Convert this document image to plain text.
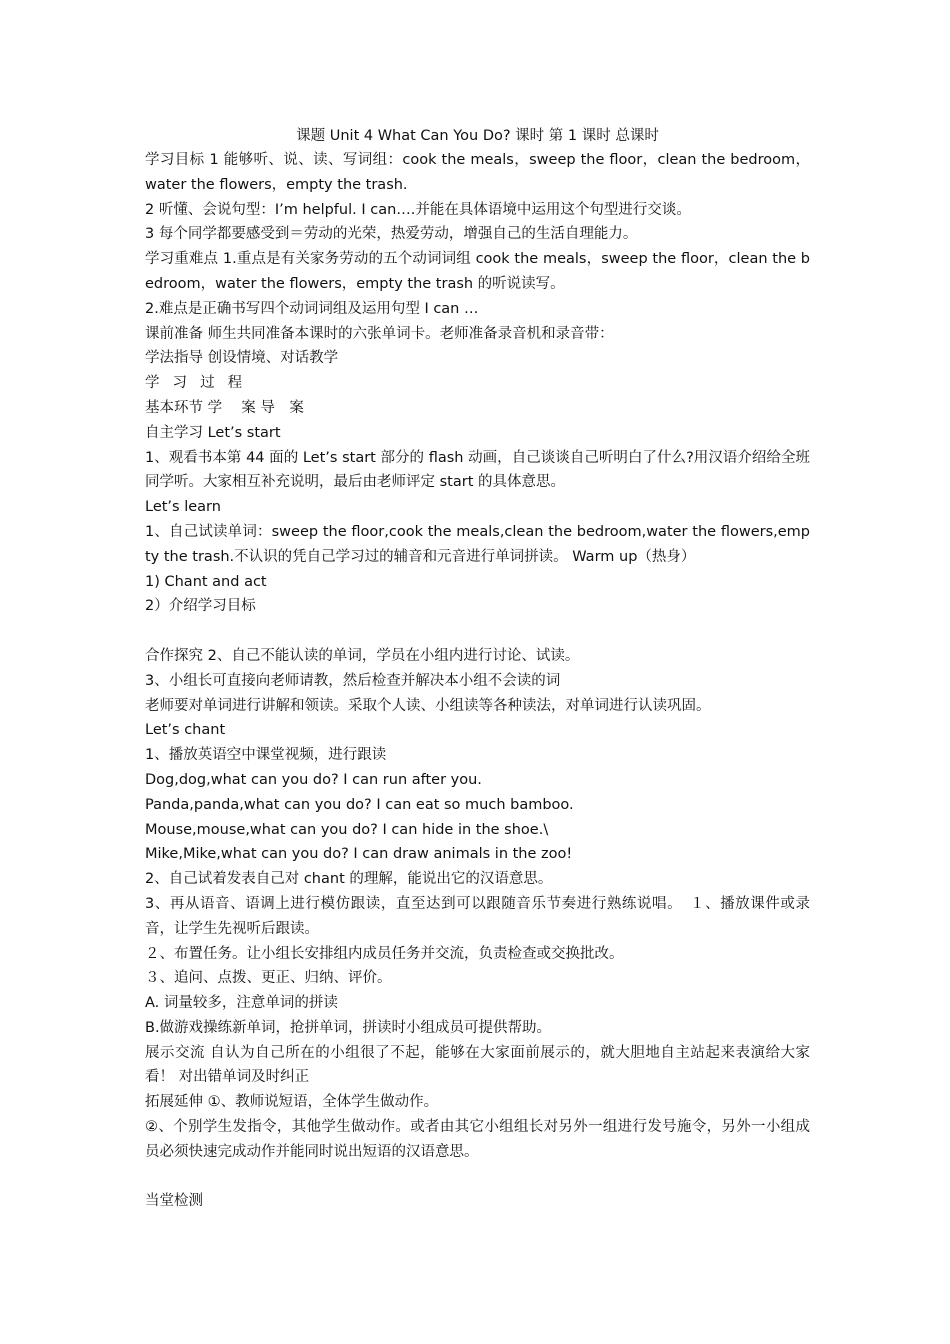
课题 Unit 4 What Can You Do? 课时 第 1 课时 总课时
学习目标 1 能够听、说、读、写词组：cook the meals，sweep the floor，clean the bedroom，water the flowers，empty the trash.
2 听懂、会说句型：I’m helpful. I can….并能在具体语境中运用这个句型进行交谈。
3 每个同学都要感受到＝劳动的光荣，热爱劳动，增强自己的生活自理能力。
学习重难点 1.重点是有关家务劳动的五个动词词组 cook the meals，sweep the floor，clean the bedroom，water the flowers，empty the trash 的听说读写。
2.难点是正确书写四个动词词组及运用句型 I can …
课前准备 师生共同准备本课时的六张单词卡。老师准备录音机和录音带：
学法指导 创设情境、对话教学
学习过程
基本环节 学　 案 导　案
自主学习 Let’s start
1、观看书本第 44 面的 Let’s start 部分的 flash 动画，自己谈谈自己听明白了什么?用汉语介绍给全班同学听。大家相互补充说明，最后由老师评定 start 的具体意思。
Let’s learn
1、自己试读单词：sweep the floor,cook the meals,clean the bedroom,water the flowers,empty the trash.不认识的凭自己学习过的辅音和元音进行单词拼读。 Warm up（热身）
1) Chant and act
2）介绍学习目标
合作探究 2、自己不能认读的单词，学员在小组内进行讨论、试读。
3、小组长可直接向老师请教，然后检查并解决本小组不会读的词
老师要对单词进行讲解和领读。采取个人读、小组读等各种读法，对单词进行认读巩固。
Let’s chant
1、播放英语空中课堂视频，进行跟读
Dog,dog,what can you do? I can run after you.
Panda,panda,what can you do? I can eat so much bamboo.
Mouse,mouse,what can you do? I can hide in the shoe.\
Mike,Mike,what can you do? I can draw animals in the zoo!
2、自己试着发表自己对 chant 的理解，能说出它的汉语意思。
3、再从语音、语调上进行模仿跟读，直至达到可以跟随音乐节奏进行熟练说唱。　１、播放课件或录音，让学生先视听后跟读。
２、布置任务。让小组长安排组内成员任务并交流，负责检查或交换批改。
３、追问、点拨、更正、归纳、评价。
A. 词量较多，注意单词的拼读
B.做游戏操练新单词，抢拼单词，拼读时小组成员可提供帮助。
展示交流 自认为自己所在的小组很了不起，能够在大家面前展示的，就大胆地自主站起来表演给大家看！ 对出错单词及时纠正
拓展延伸 ①、教师说短语，全体学生做动作。
②、个别学生发指令，其他学生做动作。或者由其它小组组长对另外一组进行发号施令，另外一小组成员必须快速完成动作并能同时说出短语的汉语意思。
当堂检测
